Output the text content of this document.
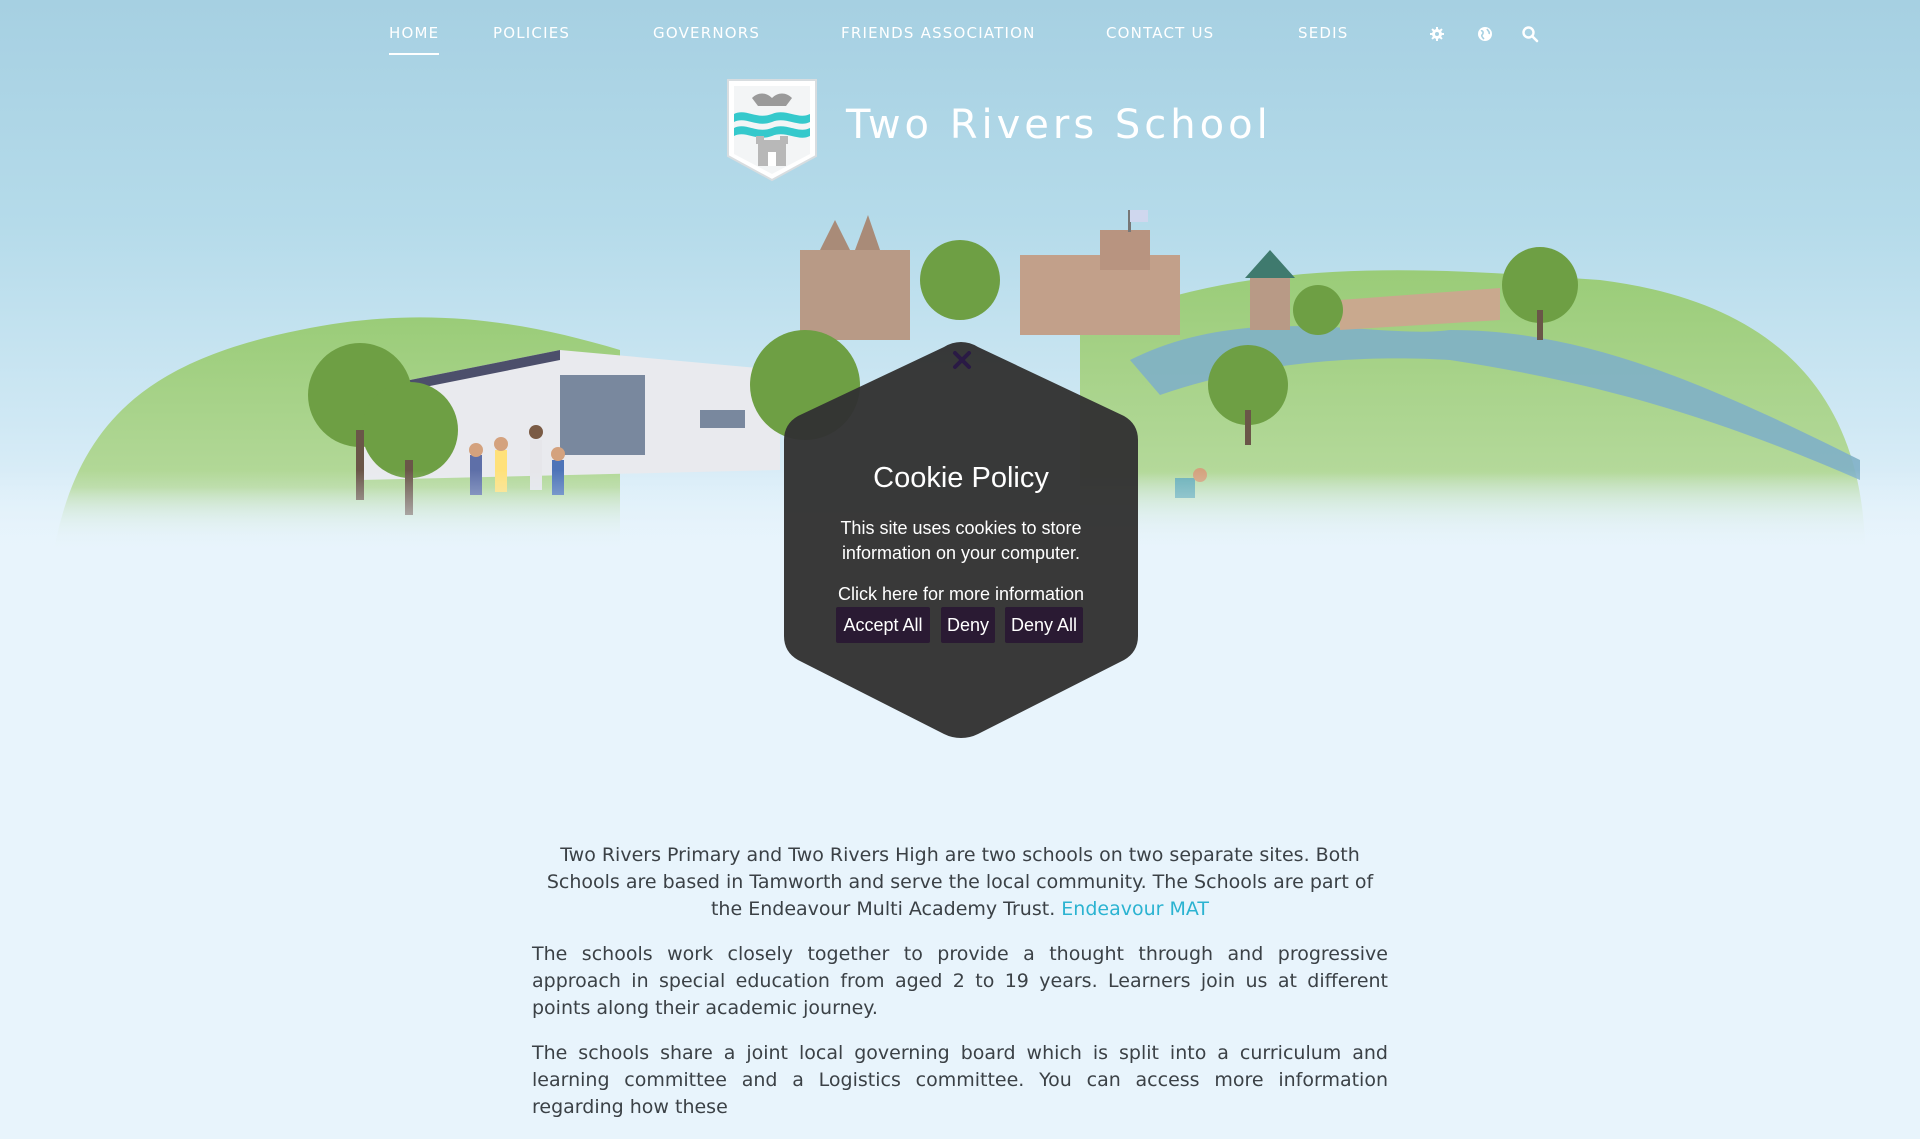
HOME	POLICIES	GOVERNORS	FRIENDS ASSOCIATION	CONTACT US	SEDIS
Two Rivers School
Cookie Policy
This site uses cookies to store information on your computer.
Click here for more information
Accept All	Deny	Deny All

Two Rivers Primary and Two Rivers High are two schools on two separate sites. Both Schools are based in Tamworth and serve the local community. The Schools are part of the Endeavour Multi Academy Trust. Endeavour MAT

The schools work closely together to provide a thought through and progressive approach in special education from aged 2 to 19 years. Learners join us at different points along their academic journey.

The schools share a joint local governing board which is split into a curriculum and learning committee and a Logistics committee. You can access more information regarding how these
